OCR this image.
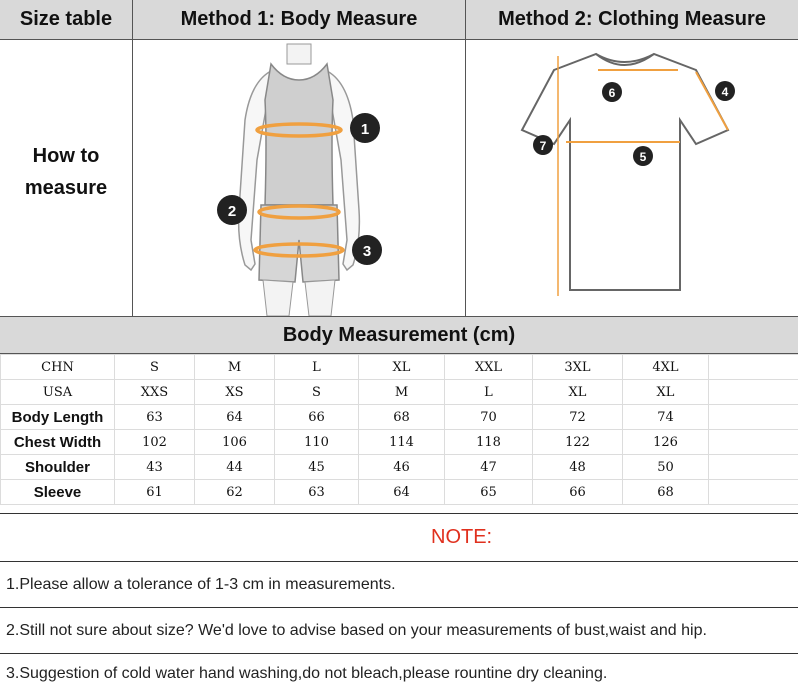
Size table	Method 1: Body Measure	Method 2: Clothing Measure
How to
measure
1
2
3
4
5
6
7
Body Measurement (cm)
CHN	S	M	L	XL	XXL	3XL	4XL	
USA	XXS	XS	S	M	L	XL	XL	
Body Length	63	64	66	68	70	72	74	
Chest Width	102	106	110	114	118	122	126	
Shoulder	43	44	45	46	47	48	50	
Sleeve	61	62	63	64	65	66	68	
NOTE:
1.Please allow a tolerance of 1-3 cm in measurements.
2.Still not sure about size? We'd love to advise based on your measurements of bust,waist and hip.
3.Suggestion of cold water hand washing,do not bleach,please rountine dry cleaning.
